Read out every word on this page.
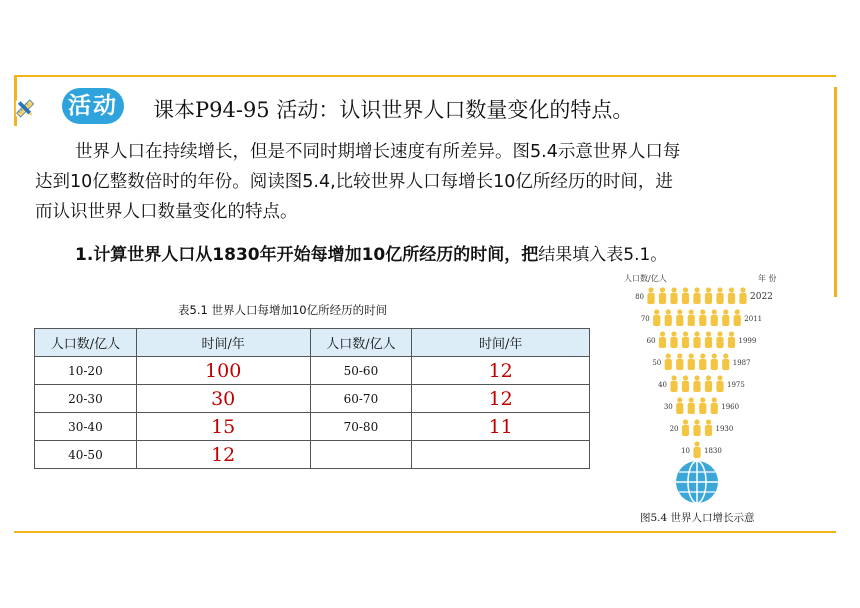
活动 课本P94-95 活动：认识世界人口数量变化的特点。
世界人口在持续增长，但是不同时期增长速度有所差异。图5.4示意世界人口每
达到10亿整数倍时的年份。阅读图5.4,比较世界人口每增长10亿所经历的时间，进
而认识世界人口数量变化的特点。
1.计算世界人口从1830年开始每增加10亿所经历的时间，把结果填入表5.1。
表5.1 世界人口每增加10亿所经历的时间
人口数/亿人	时间/年	人口数/亿人	时间/年
10-20	100	50-60	12
20-30	30	60-70	12
30-40	15	70-80	11
40-50	12		
人口数/亿人	年 份
80	2022
70	2011
60	1999
50	1987
40	1975
30	1960
20	1930
10 1830
图5.4 世界人口增长示意
